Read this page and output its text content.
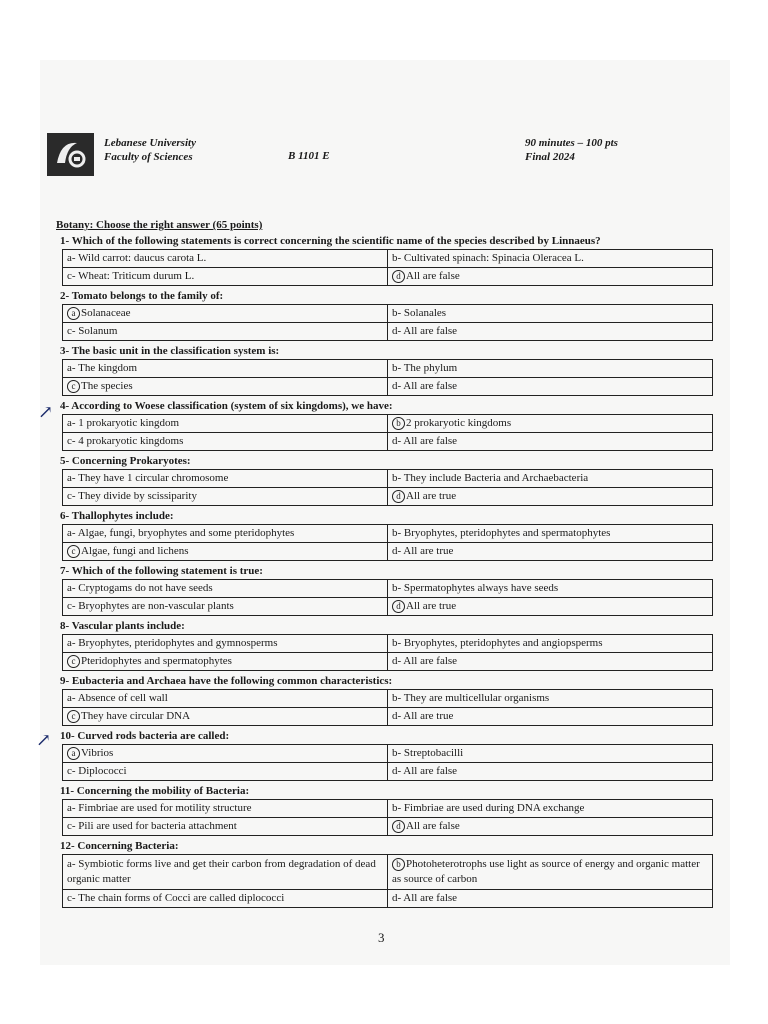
Lebanese University
Faculty of Sciences	B 1101 E
90 minutes – 100 pts
Final 2024
Botany: Choose the right answer (65 points)
↗
↗
1- Which of the following statements is correct concerning the scientific name of the species described by Linnaeus?
a- Wild carrot: daucus carota L.	b- Cultivated spinach: Spinacia Oleracea L.
c- Wheat: Triticum durum L.	d All are false
2- Tomato belongs to the family of:
a Solanaceae	b- Solanales
c- Solanum	d- All are false
3- The basic unit in the classification system is:
a- The kingdom	b- The phylum
c The species	d- All are false
4- According to Woese classification (system of six kingdoms), we have:
a- 1 prokaryotic kingdom	b 2 prokaryotic kingdoms
c- 4 prokaryotic kingdoms	d- All are false
5- Concerning Prokaryotes:
a- They have 1 circular chromosome	b- They include Bacteria and Archaebacteria
c- They divide by scissiparity	d All are true
6- Thallophytes include:
a- Algae, fungi, bryophytes and some pteridophytes	b- Bryophytes, pteridophytes and spermatophytes
c Algae, fungi and lichens	d- All are true
7- Which of the following statement is true:
a- Cryptogams do not have seeds	b- Spermatophytes always have seeds
c- Bryophytes are non-vascular plants	d All are true
8- Vascular plants include:
a- Bryophytes, pteridophytes and gymnosperms	b- Bryophytes, pteridophytes and angiopsperms
c Pteridophytes and spermatophytes	d- All are false
9- Eubacteria and Archaea have the following common characteristics:
a- Absence of cell wall	b- They are multicellular organisms
c They have circular DNA	d- All are true
10- Curved rods bacteria are called:
a Vibrios	b- Streptobacilli
c- Diplococci	d- All are false
11- Concerning the mobility of Bacteria:
a- Fimbriae are used for motility structure	b- Fimbriae are used during DNA exchange
c- Pili are used for bacteria attachment	d All are false
12- Concerning Bacteria:
a- Symbiotic forms live and get their carbon from degradation of dead organic matter	b Photoheterotrophs use light as source of energy and organic matter as source of carbon
c- The chain forms of Cocci are called diplococci	d- All are false
3
